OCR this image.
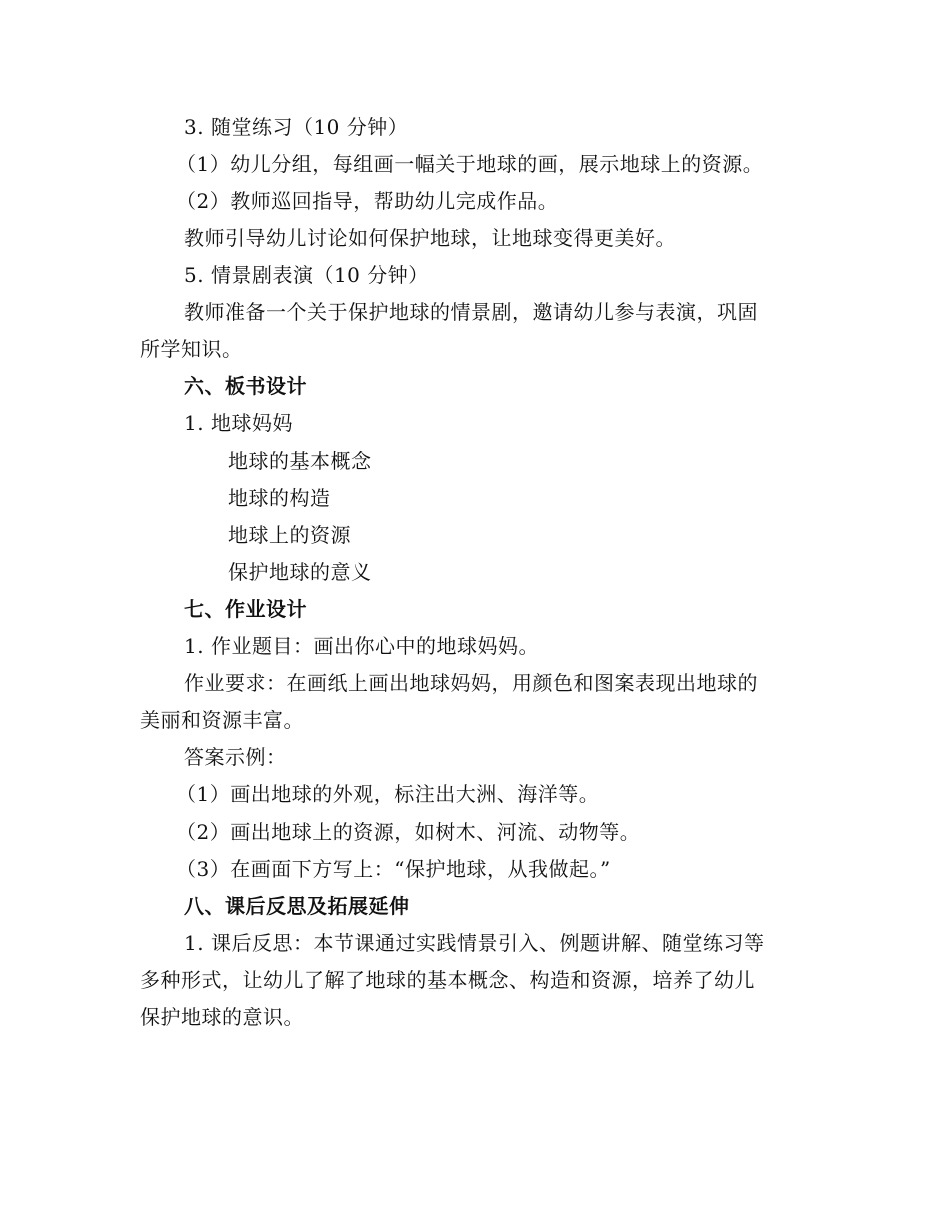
3. 随堂练习（10 分钟）
（1）幼儿分组，每组画一幅关于地球的画，展示地球上的资源。
（2）教师巡回指导，帮助幼儿完成作品。
教师引导幼儿讨论如何保护地球，让地球变得更美好。
5. 情景剧表演（10 分钟）
教师准备一个关于保护地球的情景剧，邀请幼儿参与表演，巩固
所学知识。
六、板书设计
1. 地球妈妈
地球的基本概念
地球的构造
地球上的资源
保护地球的意义
七、作业设计
1. 作业题目：画出你心中的地球妈妈。
作业要求：在画纸上画出地球妈妈，用颜色和图案表现出地球的
美丽和资源丰富。
答案示例：
（1）画出地球的外观，标注出大洲、海洋等。
（2）画出地球上的资源，如树木、河流、动物等。
（3）在画面下方写上：“保护地球，从我做起。”
八、课后反思及拓展延伸
1. 课后反思：本节课通过实践情景引入、例题讲解、随堂练习等
多种形式，让幼儿了解了地球的基本概念、构造和资源，培养了幼儿
保护地球的意识。
